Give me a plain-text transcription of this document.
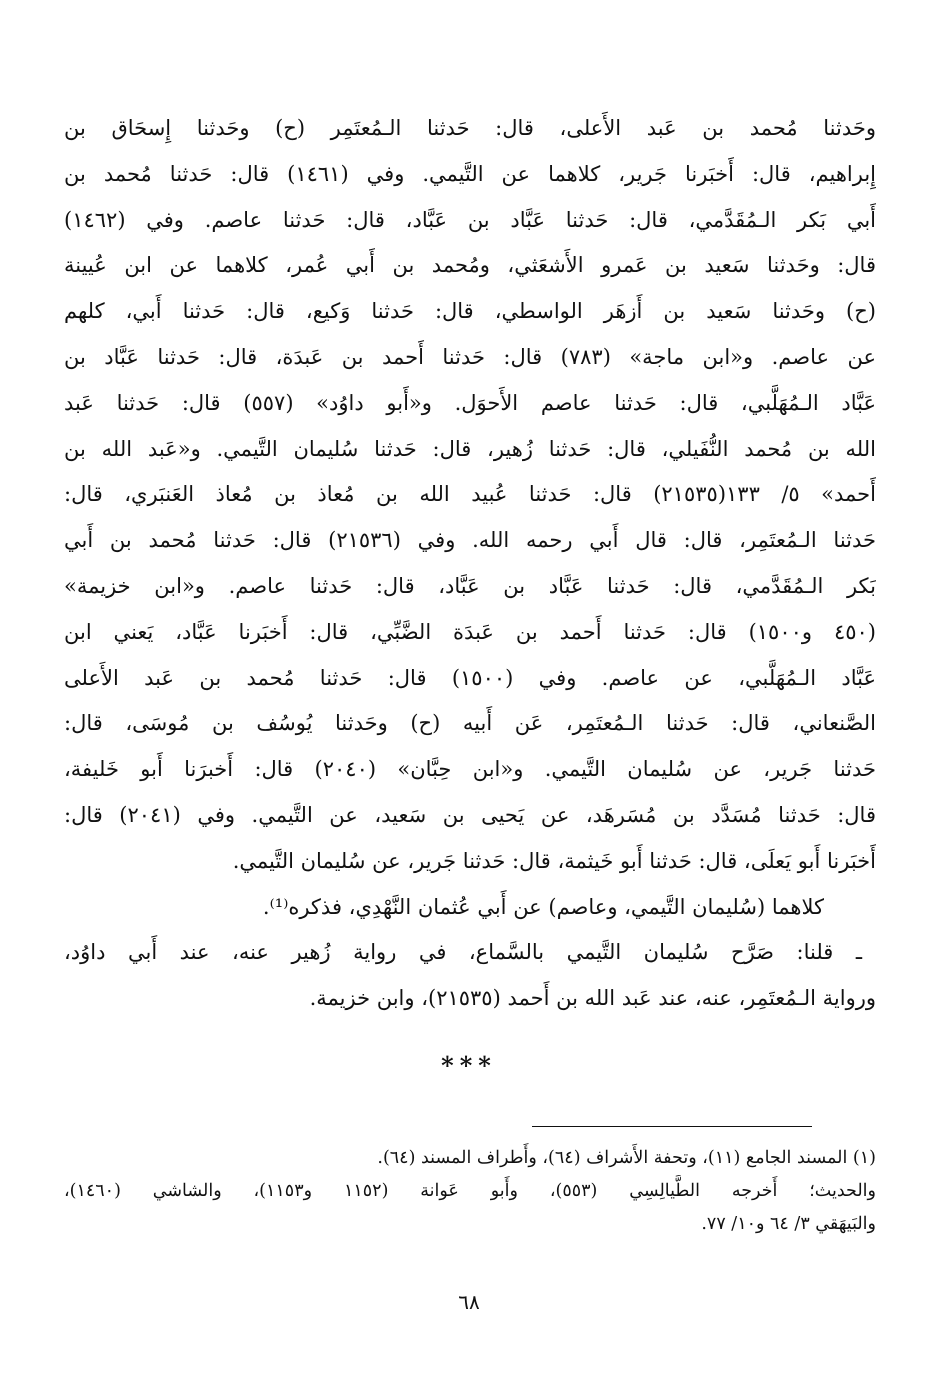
وحَدثنا مُحمد بن عَبد الأَعلى، قال: حَدثنا الـمُعتَمِر (ح) وحَدثنا إِسحَاق بن
إِبراهيم، قال: أَخبَرنا جَرير، كلاهما عن التَّيمي. وفي (١٤٦١) قال: حَدثنا مُحمد بن
أَبي بَكر الـمُقَدَّمي، قال: حَدثنا عَبَّاد بن عَبَّاد، قال: حَدثنا عاصم. وفي (١٤٦٢)
قال: وحَدثنا سَعيد بن عَمرو الأَشعَثي، ومُحمد بن أَبي عُمر، كلاهما عن ابن عُيينة
(ح) وحَدثنا سَعيد بن أَزهَر الواسطي، قال: حَدثنا وَكيع، قال: حَدثنا أَبي، كلهم
عن عاصم. و«ابن ماجة» (٧٨٣) قال: حَدثنا أَحمد بن عَبدَة، قال: حَدثنا عَبَّاد بن
عَبَّاد الـمُهَلَّبي، قال: حَدثنا عاصم الأَحوَل. و«أَبو داوُد» (٥٥٧) قال: حَدثنا عَبد
الله بن مُحمد النُّفَيلي، قال: حَدثنا زُهير، قال: حَدثنا سُليمان التَّيمي. و«عَبد الله بن
أَحمد» ٥/ ١٣٣(٢١٥٣٥) قال: حَدثنا عُبيد الله بن مُعاذ بن مُعاذ العَنبَري، قال:
حَدثنا الـمُعتَمِر، قال: قال أَبي رحمه الله. وفي (٢١٥٣٦) قال: حَدثنا مُحمد بن أَبي
بَكر الـمُقَدَّمي، قال: حَدثنا عَبَّاد بن عَبَّاد، قال: حَدثنا عاصم. و«ابن خزيمة»
(٤٥٠ و١٥٠٠) قال: حَدثنا أَحمد بن عَبدَة الضَّبِّي، قال: أَخبَرنا عَبَّاد، يَعني ابن
عَبَّاد الـمُهَلَّبي، عن عاصم. وفي (١٥٠٠) قال: حَدثنا مُحمد بن عَبد الأَعلى
الصَّنعاني، قال: حَدثنا الـمُعتَمِر، عَن أَبيه (ح) وحَدثنا يُوسُف بن مُوسَى، قال:
حَدثنا جَرير، عن سُليمان التَّيمي. و«ابن حِبَّان» (٢٠٤٠) قال: أَخبرَنا أَبو خَليفة،
قال: حَدثنا مُسَدَّد بن مُسَرهَد، عن يَحيى بن سَعيد، عن التَّيمي. وفي (٢٠٤١) قال:
أَخبَرنا أَبو يَعلَى، قال: حَدثنا أَبو خَيثمة، قال: حَدثنا جَرير، عن سُليمان التَّيمي.
كلاهما (سُليمان التَّيمي، وعاصم) عن أَبي عُثمان النَّهْدِي، فذكره⁽¹⁾.
ـ قلنا: صَرَّح سُليمان التَّيمي بالسَّماع، في رواية زُهير عنه، عند أَبي داوُد،
ورواية الـمُعتَمِر، عنه، عند عَبد الله بن أَحمد (٢١٥٣٥)، وابن خزيمة.
***
(١) المسند الجامع (١١)، وتحفة الأَشراف (٦٤)، وأَطراف المسند (٦٤).
والحديث؛ أَخرجه الطَّيالِسِي (٥٥٣)، وأَبو عَوانة (١١٥٢ و١١٥٣)، والشاشي (١٤٦٠)،
والبَيهَقي ٣/ ٦٤ و١٠/ ٧٧.
٦٨
